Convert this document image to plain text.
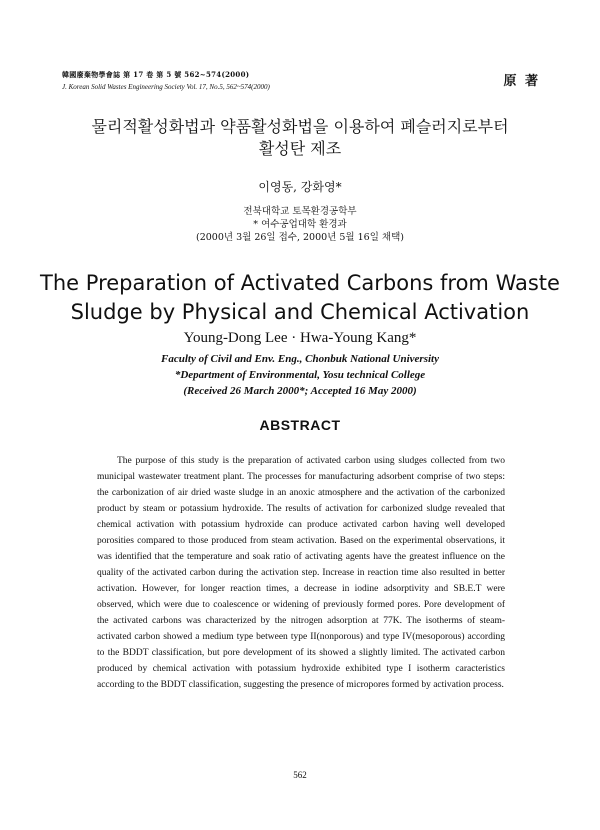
韓國廢棄物學會誌 第 17 卷 第 5 號 562~574(2000)
J. Korean Solid Wastes Engineering Society Vol. 17, No.5, 562~574(2000)	原 著
물리적활성화법과 약품활성화법을 이용하여 폐슬러지로부터
활성탄 제조
이영동, 강화영*
전북대학교 토목환경공학부
* 여수공업대학 환경과
(2000년 3월 26일 접수, 2000년 5월 16일 채택)
The Preparation of Activated Carbons from Waste
Sludge by Physical and Chemical Activation
Young-Dong Lee · Hwa-Young Kang*
Faculty of Civil and Env. Eng., Chonbuk National University
*Department of Environmental, Yosu technical College
(Received 26 March 2000*; Accepted 16 May 2000)
ABSTRACT

The purpose of this study is the preparation of activated carbon using sludges collected from two municipal wastewater treatment plant. The processes for manufacturing adsorbent comprise of two steps: the carbonization of air dried waste sludge in an anoxic atmosphere and the activation of the carbonized product by steam or potassium hydroxide. The results of activation for carbonized sludge revealed that chemical activation with potassium hydroxide can produce activated carbon having well developed porosities compared to those produced from steam activation. Based on the experimental observations, it was identified that the temperature and soak ratio of activating agents have the greatest influence on the quality of the activated carbon during the activation step. Increase in reaction time also resulted in better activation. However, for longer reaction times, a decrease in iodine adsorptivity and SB.E.T were observed, which were due to coalescence or widening of previously formed pores. Pore development of the activated carbons was characterized by the nitrogen adsorption at 77K. The isotherms of steam-activated carbon showed a medium type between type II(nonporous) and type IV(mesoporous) according to the BDDT classification, but pore development of its showed a slightly limited. The activated carbon produced by chemical activation with potassium hydroxide exhibited type I isotherm caracteristics according to the BDDT classification, suggesting the presence of micropores formed by activation process.

562
